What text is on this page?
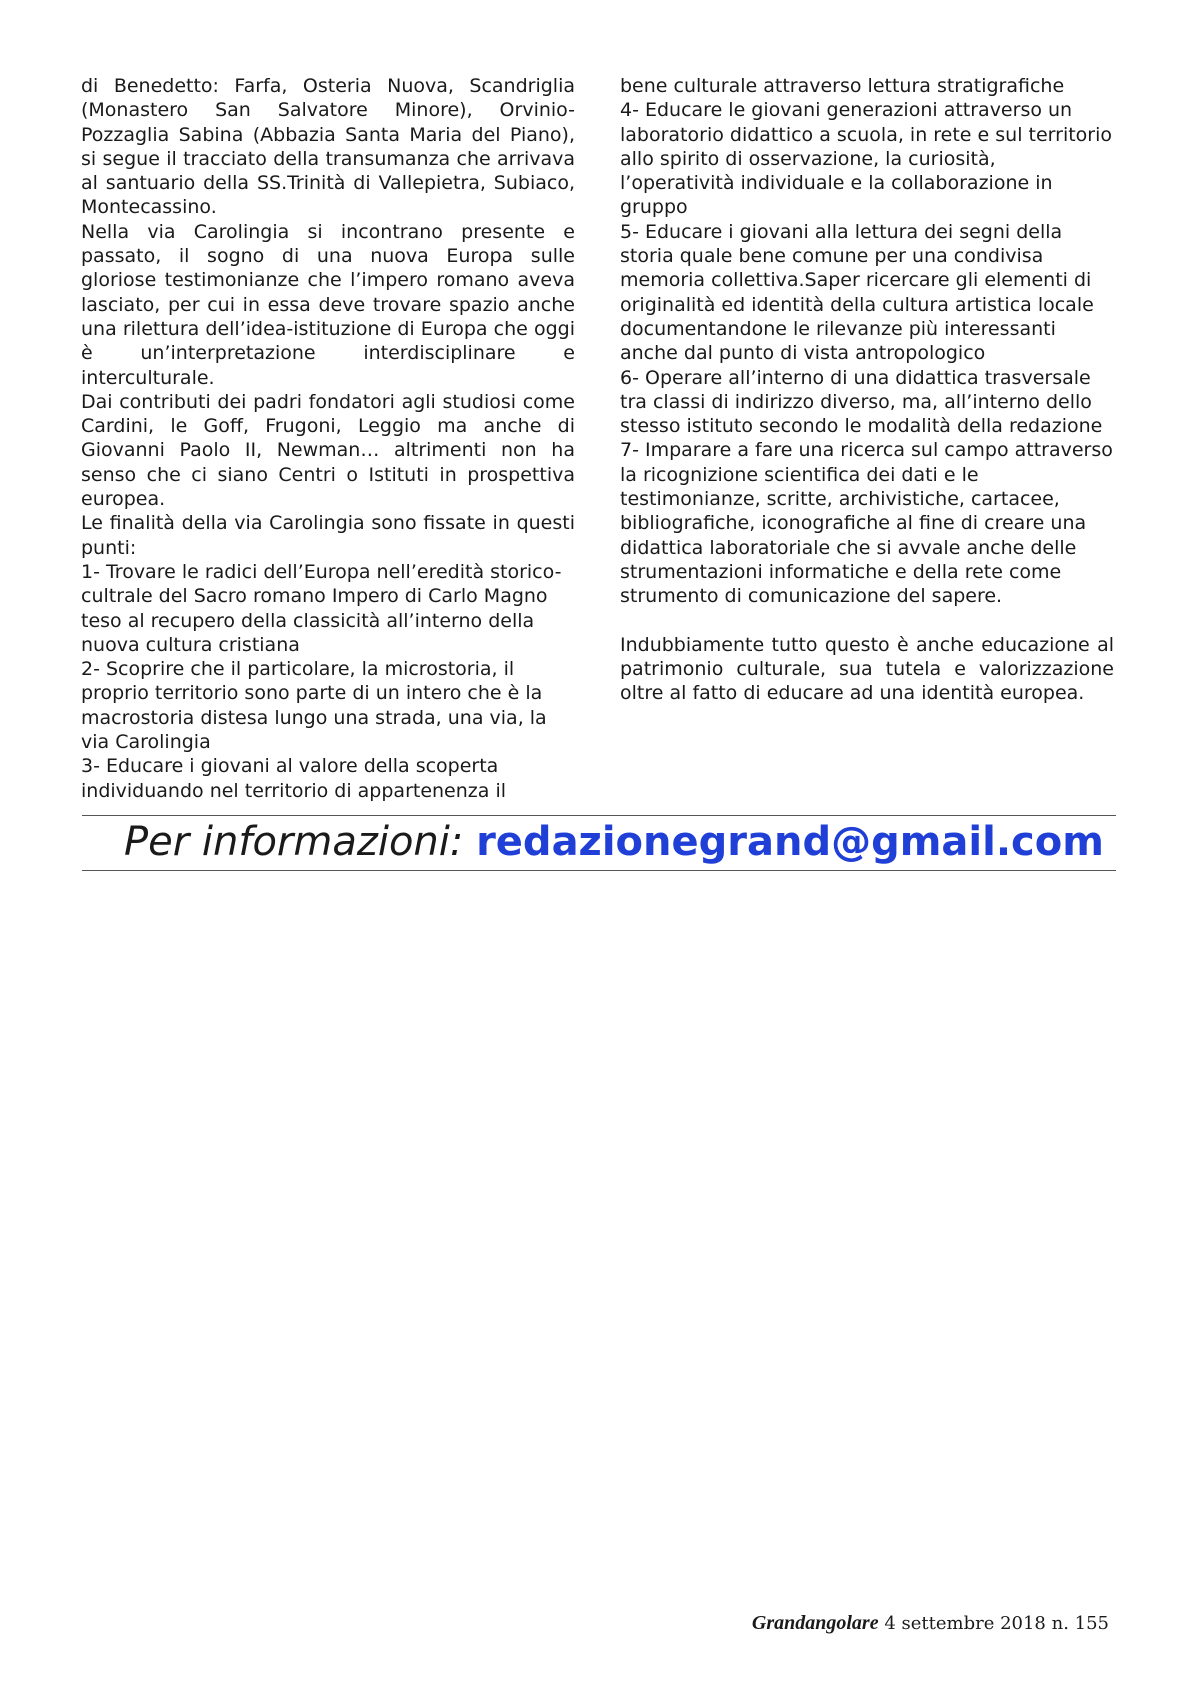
di Benedetto: Farfa, Osteria Nuova, Scandriglia (Monastero San Salvatore Minore), Orvinio-Pozzaglia Sabina (Abbazia Santa Maria del Piano), si segue il tracciato della transumanza che arrivava al santuario della SS.Trinità di Vallepietra, Subiaco, Montecassino.

Nella via Carolingia si incontrano presente e passato, il sogno di una nuova Europa sulle gloriose testimonianze che l’impero romano aveva lasciato, per cui in essa deve trovare spazio anche una rilettura dell’idea-istituzione di Europa che oggi è un’interpretazione interdisciplinare e interculturale.

Dai contributi dei padri fondatori agli studiosi come Cardini, le Goff, Frugoni, Leggio ma anche di Giovanni Paolo II, Newman… altrimenti non ha senso che ci siano Centri o Istituti in prospettiva europea.

Le finalità della via Carolingia sono fissate in questi punti:

1- Trovare le radici dell’Europa nell’eredità storico-cultrale del Sacro romano Impero di Carlo Magno teso al recupero della classicità all’interno della nuova cultura cristiana

2- Scoprire che il particolare, la microstoria, il proprio territorio sono parte di un intero che è la macrostoria distesa lungo una strada, una via, la via Carolingia

3- Educare i giovani al valore della scoperta individuando nel territorio di appartenenza il

bene culturale attraverso lettura stratigrafiche

4- Educare le giovani generazioni attraverso un laboratorio didattico a scuola, in rete e sul territorio allo spirito di osservazione, la curiosità, l’operatività individuale e la collaborazione in gruppo

5- Educare i giovani alla lettura dei segni della storia quale bene comune per una condivisa memoria collettiva.Saper ricercare gli elementi di originalità ed identità della cultura artistica locale documentandone le rilevanze più interessanti anche dal punto di vista antropologico

6- Operare all’interno di una didattica trasversale tra classi di indirizzo diverso, ma, all’interno dello stesso istituto secondo le modalità della redazione

7- Imparare a fare una ricerca sul campo attraverso la ricognizione scientifica dei dati e le testimonianze, scritte, archivistiche, cartacee, bibliografiche, iconografiche al fine di creare una didattica laboratoriale che si avvale anche delle strumentazioni informatiche e della rete come strumento di comunicazione del sapere.

Indubbiamente tutto questo è anche educazione al patrimonio culturale, sua tutela e valorizzazione oltre al fatto di educare ad una identità europea.

Per informazioni: redazionegrand@gmail.com
Grandangolare 4 settembre 2018 n. 155
